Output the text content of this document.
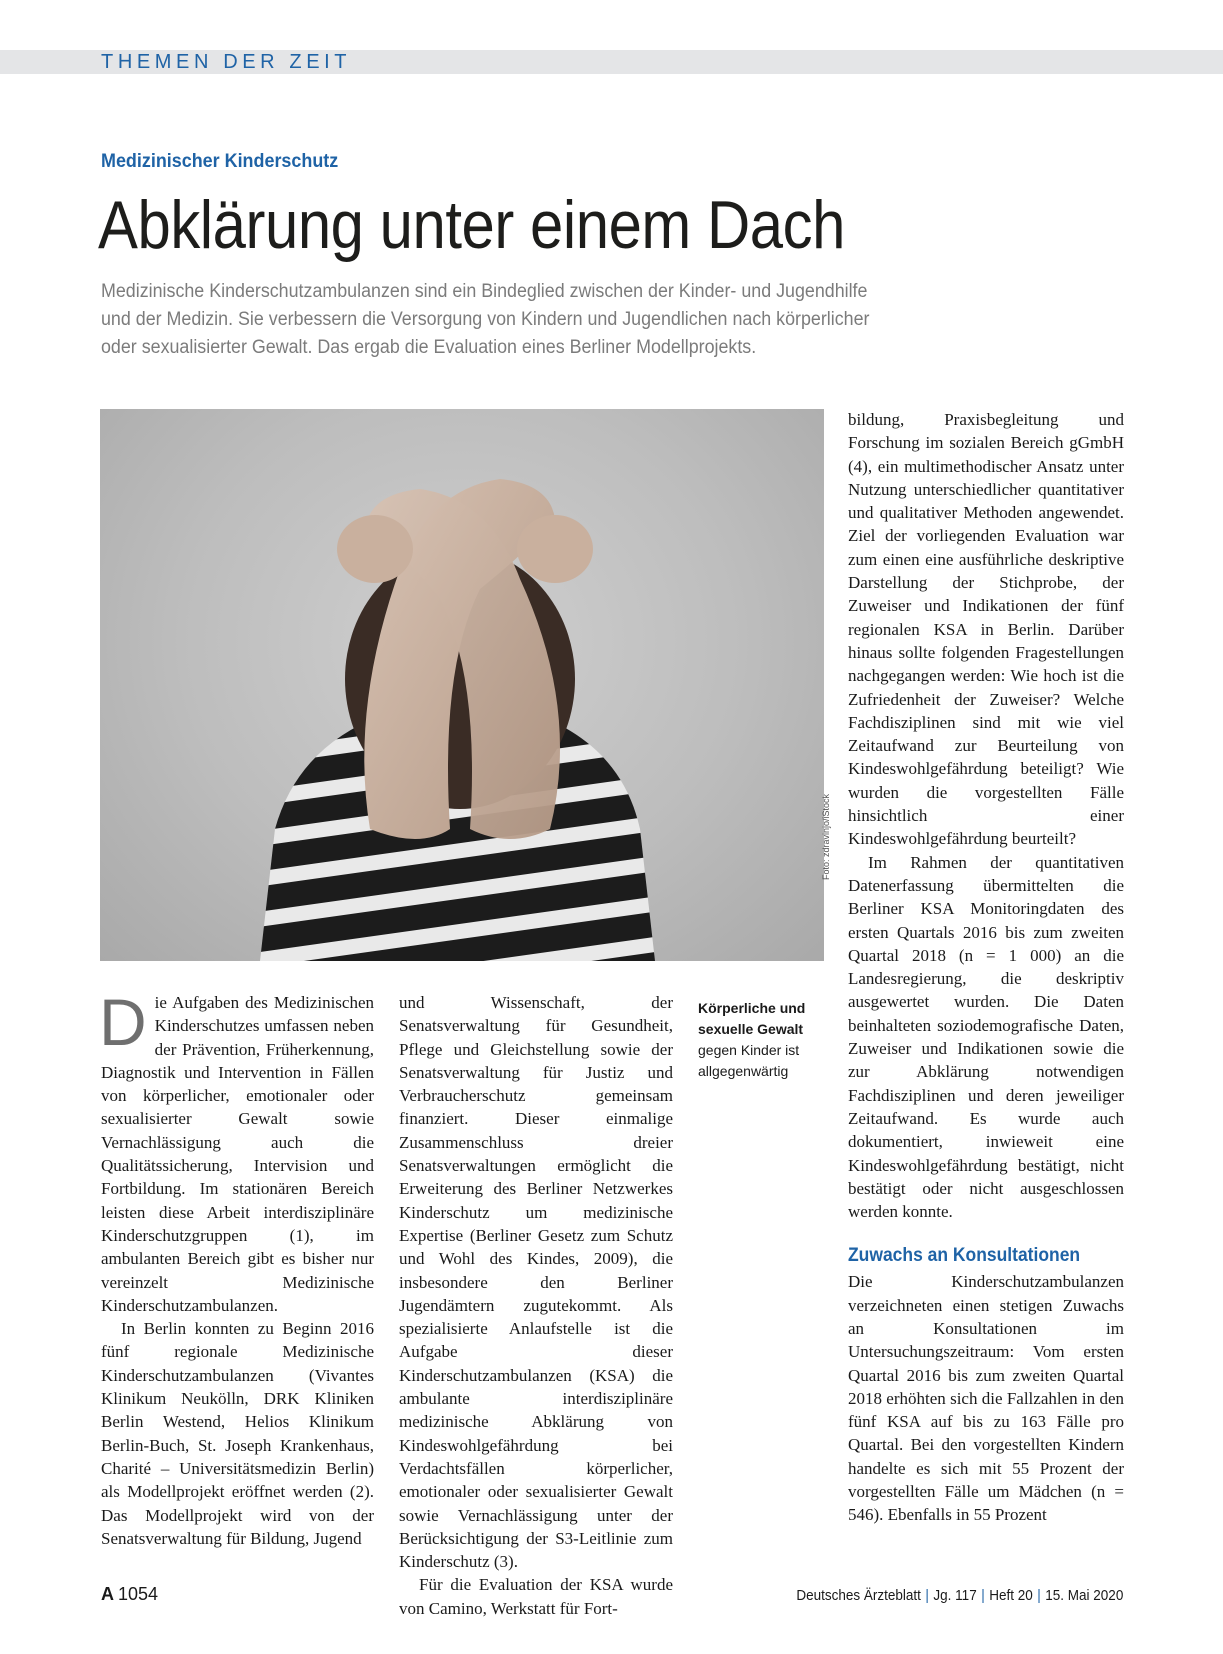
THEMEN DER ZEIT
Medizinischer Kinderschutz
Abklärung unter einem Dach
Medizinische Kinderschutzambulanzen sind ein Bindeglied zwischen der Kinder- und Jugendhilfe
und der Medizin. Sie verbessern die Versorgung von Kindern und Jugendlichen nach körperlicher
oder sexualisierter Gewalt. Das ergab die Evaluation eines Berliner Modellprojekts.
Foto: zdravinjo/iStock
Körperliche und
sexuelle Gewalt
gegen Kinder ist
allgegenwärtig

Die Aufgaben des Medizinischen Kinderschutzes umfassen neben der Prävention, Früherkennung, Diagnostik und Intervention in Fällen von körperlicher, emotionaler oder sexualisierter Gewalt sowie Vernachlässigung auch die Qualitätssicherung, Intervision und Fortbildung. Im stationären Bereich leisten diese Arbeit interdisziplinäre Kinderschutzgruppen (1), im ambulanten Bereich gibt es bisher nur vereinzelt Medizinische Kinderschutzambulanzen.

In Berlin konnten zu Beginn 2016 fünf regionale Medizinische Kinderschutzambulanzen (Vivantes Klinikum Neukölln, DRK Kliniken Berlin Westend, Helios Klinikum Berlin-Buch, St. Joseph Krankenhaus, Charité – Universitätsmedizin Berlin) als Modellprojekt eröffnet werden (2). Das Modellprojekt wird von der Senatsverwaltung für Bildung, Jugend

und Wissenschaft, der Senatsverwaltung für Gesundheit, Pflege und Gleichstellung sowie der Senatsverwaltung für Justiz und Verbraucherschutz gemeinsam finanziert. Dieser einmalige Zusammenschluss dreier Senatsverwaltungen ermöglicht die Erweiterung des Berliner Netzwerkes Kinderschutz um medizinische Expertise (Berliner Gesetz zum Schutz und Wohl des Kindes, 2009), die insbesondere den Berliner Jugendämtern zugutekommt. Als spezialisierte Anlaufstelle ist die Aufgabe dieser Kinderschutzambulanzen (KSA) die ambulante interdisziplinäre medizinische Abklärung von Kindeswohlgefährdung bei Verdachtsfällen körperlicher, emotionaler oder sexualisierter Gewalt sowie Vernachlässigung unter der Berücksichtigung der S3-Leitlinie zum Kinderschutz (3).

Für die Evaluation der KSA wurde von Camino, Werkstatt für Fort-

bildung, Praxisbegleitung und Forschung im sozialen Bereich gGmbH (4), ein multimethodischer Ansatz unter Nutzung unterschiedlicher quantitativer und qualitativer Methoden angewendet. Ziel der vorliegenden Evaluation war zum einen eine ausführliche deskriptive Darstellung der Stichprobe, der Zuweiser und Indikationen der fünf regionalen KSA in Berlin. Darüber hinaus sollte folgenden Fragestellungen nachgegangen werden: Wie hoch ist die Zufriedenheit der Zuweiser? Welche Fachdisziplinen sind mit wie viel Zeitaufwand zur Beurteilung von Kindeswohlgefährdung beteiligt? Wie wurden die vorgestellten Fälle hinsichtlich einer Kindeswohlgefährdung beurteilt?

Im Rahmen der quantitativen Datenerfassung übermittelten die Berliner KSA Monitoringdaten des ersten Quartals 2016 bis zum zweiten Quartal 2018 (n = 1 000) an die Landesregierung, die deskriptiv ausgewertet wurden. Die Daten beinhalteten soziodemografische Daten, Zuweiser und Indikationen sowie die zur Abklärung notwendigen Fachdisziplinen und deren jeweiliger Zeitaufwand. Es wurde auch dokumentiert, inwieweit eine Kindeswohlgefährdung bestätigt, nicht bestätigt oder nicht ausgeschlossen werden konnte.

Zuwachs an Konsultationen

Die Kinderschutzambulanzen verzeichneten einen stetigen Zuwachs an Konsultationen im Untersuchungszeitraum: Vom ersten Quartal 2016 bis zum zweiten Quartal 2018 erhöhten sich die Fallzahlen in den fünf KSA auf bis zu 163 Fälle pro Quartal. Bei den vorgestellten Kindern handelte es sich mit 55 Prozent der vorgestellten Fälle um Mädchen (n = 546). Ebenfalls in 55 Prozent

A 1054	Deutsches Ärzteblatt | Jg. 117 | Heft 20 | 15. Mai 2020
